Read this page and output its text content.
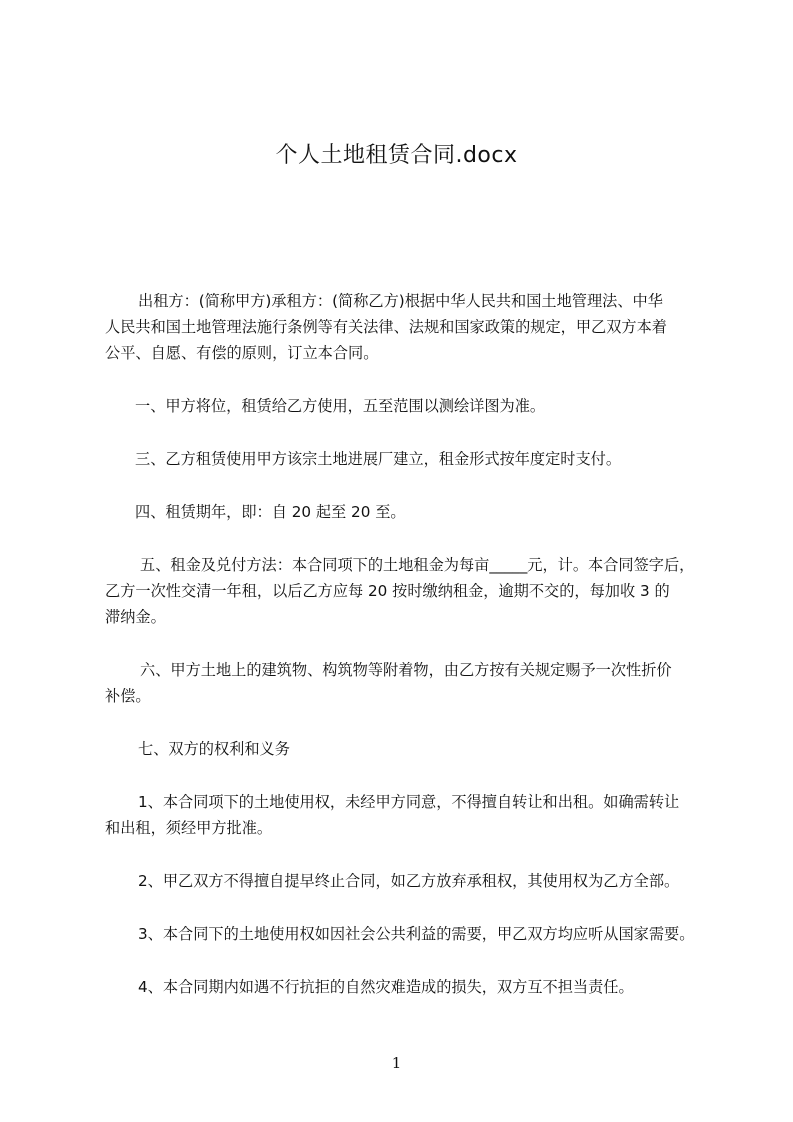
个人土地租赁合同.docx

出租方：(简称甲方)承租方：(简称乙方)根据中华人民共和国土地管理法、中华
人民共和国土地管理法施行条例等有关法律、法规和国家政策的规定，甲乙双方本着
公平、自愿、有偿的原则，订立本合同。

一、甲方将位，租赁给乙方使用，五至范围以测绘详图为准。

三、乙方租赁使用甲方该宗土地进展厂建立，租金形式按年度定时支付。

四、租赁期年，即：自 20 起至 20 至。

五、租金及兑付方法：本合同项下的土地租金为每亩_____元，计。本合同签字后，
乙方一次性交清一年租，以后乙方应每 20 按时缴纳租金，逾期不交的，每加收 3 的
滞纳金。

六、甲方土地上的建筑物、构筑物等附着物，由乙方按有关规定赐予一次性折价
补偿。

七、双方的权利和义务

1、本合同项下的土地使用权，未经甲方同意，不得擅自转让和出租。如确需转让
和出租，须经甲方批准。

2、甲乙双方不得擅自提早终止合同，如乙方放弃承租权，其使用权为乙方全部。

3、本合同下的土地使用权如因社会公共利益的需要，甲乙双方均应听从国家需要。

4、本合同期内如遇不行抗拒的自然灾难造成的损失，双方互不担当责任。

1
